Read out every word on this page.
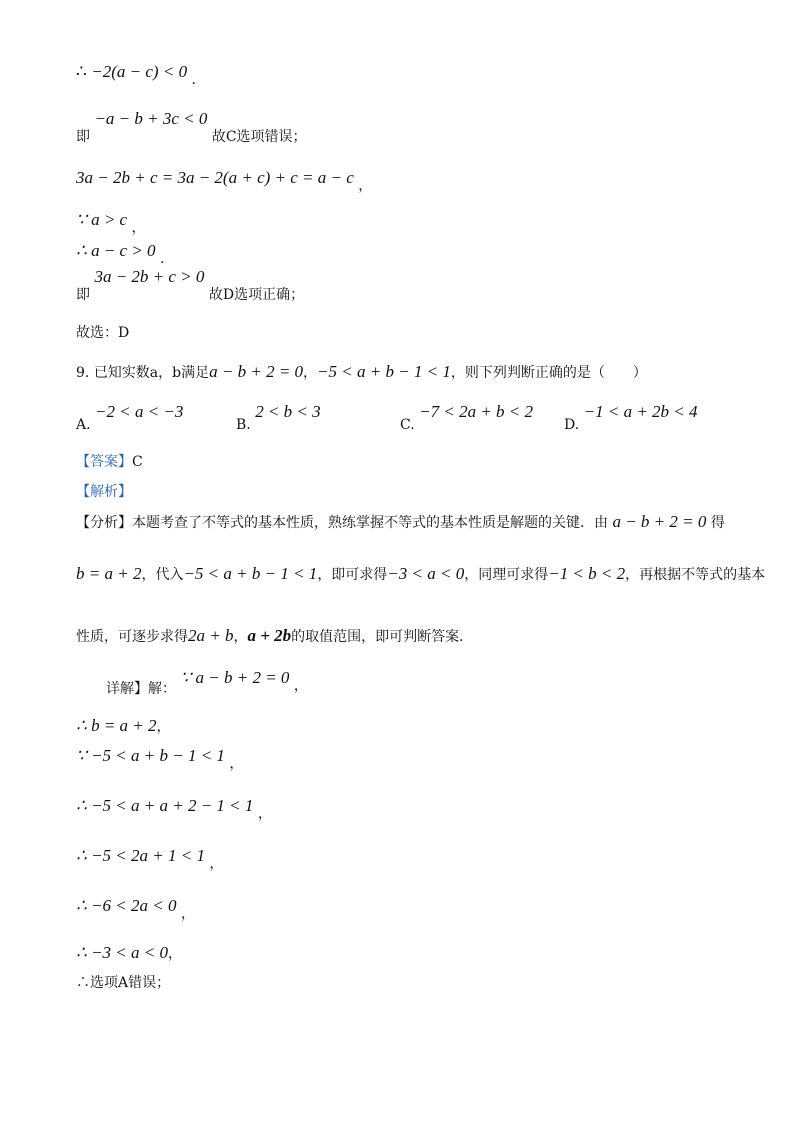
∴ −2(a − c) < 0 .
即 −a − b + 3c < 0 故C选项错误；
3a − 2b + c = 3a − 2(a + c) + c = a − c ，
∵ a > c ，
∴ a − c > 0 .
即 3a − 2b + c > 0 故D选项正确；
故选：D
9. 已知实数a，b满足a − b + 2 = 0，−5 < a + b − 1 < 1，则下列判断正确的是（　　）
A. −2 < a < −3
B. 2 < b < 3
C. −7 < 2a + b < 2
D. −1 < a + 2b < 4
【答案】C
【解析】
【分析】本题考查了不等式的基本性质，熟练掌握不等式的基本性质是解题的关键．由 a − b + 2 = 0 得
b = a + 2，代入−5 < a + b − 1 < 1，即可求得−3 < a < 0，同理可求得−1 < b < 2，再根据不等式的基本
性质，可逐步求得2a + b，a + 2b的取值范围，即可判断答案．
详解】解： ∵ a − b + 2 = 0 ，
∴ b = a + 2，
∵ −5 < a + b − 1 < 1 ，
∴ −5 < a + a + 2 − 1 < 1 ，
∴ −5 < 2a + 1 < 1 ，
∴ −6 < 2a < 0 ，
∴ −3 < a < 0，
∴选项A错误；
